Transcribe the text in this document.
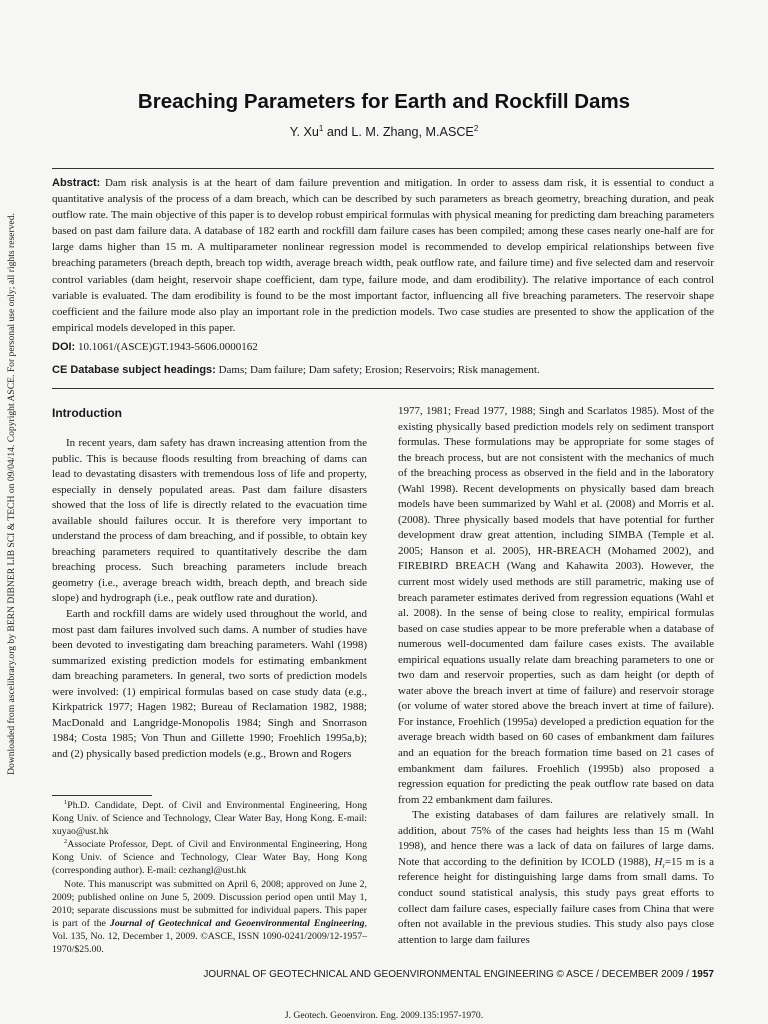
Downloaded from ascelibrary.org by BERN DIBNER LIB SCI & TECH on 09/04/14. Copyright ASCE. For personal use only; all rights reserved.
Breaching Parameters for Earth and Rockfill Dams
Y. Xu$^1$ and L. M. Zhang, M.ASCE$^2$
Abstract: Dam risk analysis is at the heart of dam failure prevention and mitigation. In order to assess dam risk, it is essential to conduct a quantitative analysis of the process of a dam breach, which can be described by such parameters as breach geometry, breaching duration, and peak outflow rate. The main objective of this paper is to develop robust empirical formulas with physical meaning for predicting dam breaching parameters based on past dam failure data. A database of 182 earth and rockfill dam failure cases has been compiled; among these cases nearly one-half are for large dams higher than 15 m. A multiparameter nonlinear regression model is recommended to develop empirical relationships between five breaching parameters (breach depth, breach top width, average breach width, peak outflow rate, and failure time) and five selected dam and reservoir control variables (dam height, reservoir shape coefficient, dam type, failure mode, and dam erodibility). The relative importance of each control variable is evaluated. The dam erodibility is found to be the most important factor, influencing all five breaching parameters. The reservoir shape coefficient and the failure mode also play an important role in the prediction models. Two case studies are presented to show the application of the empirical models developed in this paper.
DOI: 10.1061/(ASCE)GT.1943-5606.0000162
CE Database subject headings: Dams; Dam failure; Dam safety; Erosion; Reservoirs; Risk management.
Introduction

In recent years, dam safety has drawn increasing attention from the public. This is because floods resulting from breaching of dams can lead to devastating disasters with tremendous loss of life and property, especially in densely populated areas. Past dam failure disasters showed that the loss of life is directly related to the evacuation time available should failures occur. It is therefore very important to understand the process of dam breaching, and if possible, to obtain key breaching parameters required to quantitatively describe the dam breaching process. Such breaching parameters include breach geometry (i.e., average breach width, breach depth, and breach side slope) and hydrograph (i.e., peak outflow rate and duration).

Earth and rockfill dams are widely used throughout the world, and most past dam failures involved such dams. A number of studies have been devoted to investigating dam breaching parameters. Wahl (1998) summarized existing prediction models for estimating embankment dam breaching parameters. In general, two sorts of prediction models were involved: (1) empirical formulas based on case study data (e.g., Kirkpatrick 1977; Hagen 1982; Bureau of Reclamation 1982, 1988; MacDonald and Langridge-Monopolis 1984; Singh and Snorrason 1984; Costa 1985; Von Thun and Gillette 1990; Froehlich 1995a,b); and (2) physically based prediction models (e.g., Brown and Rogers

$^1$Ph.D. Candidate, Dept. of Civil and Environmental Engineering, Hong Kong Univ. of Science and Technology, Clear Water Bay, Hong Kong. E-mail: xuyao@ust.hk

$^2$Associate Professor, Dept. of Civil and Environmental Engineering, Hong Kong Univ. of Science and Technology, Clear Water Bay, Hong Kong (corresponding author). E-mail: cezhangl@ust.hk

Note. This manuscript was submitted on April 6, 2008; approved on June 2, 2009; published online on June 5, 2009. Discussion period open until May 1, 2010; separate discussions must be submitted for individual papers. This paper is part of the Journal of Geotechnical and Geoenvironmental Engineering, Vol. 135, No. 12, December 1, 2009. ©ASCE, ISSN 1090-0241/2009/12-1957–1970/$25.00.

1977, 1981; Fread 1977, 1988; Singh and Scarlatos 1985). Most of the existing physically based prediction models rely on sediment transport formulas. These formulations may be appropriate for some stages of the breach process, but are not consistent with the mechanics of much of the breaching process as observed in the field and in the laboratory (Wahl 1998). Recent developments on physically based dam breach models have been summarized by Wahl et al. (2008) and Morris et al. (2008). Three physically based models that have potential for further development draw great attention, including SIMBA (Temple et al. 2005; Hanson et al. 2005), HR-BREACH (Mohamed 2002), and FIREBIRD BREACH (Wang and Kahawita 2003). However, the current most widely used methods are still parametric, making use of breach parameter estimates derived from regression equations (Wahl et al. 2008). In the sense of being close to reality, empirical formulas based on case studies appear to be more preferable when a database of numerous well-documented dam failure cases exists. The available empirical equations usually relate dam breaching parameters to one or two dam and reservoir properties, such as dam height (or depth of water above the breach invert at time of failure) and reservoir storage (or volume of water stored above the breach invert at time of failure). For instance, Froehlich (1995a) developed a prediction equation for the average breach width based on 60 cases of embankment dam failures and an equation for the breach formation time based on 21 cases of embankment dam failures. Froehlich (1995b) also proposed a regression equation for predicting the peak outflow rate based on data from 22 embankment dam failures.

The existing databases of dam failures are relatively small. In addition, about 75% of the cases had heights less than 15 m (Wahl 1998), and hence there was a lack of data on failures of large dams. Note that according to the definition by ICOLD (1988), $H_r=15$ m is a reference height for distinguishing large dams from small dams. To conduct sound statistical analysis, this study pays great efforts to collect dam failure cases, especially failure cases from China that were often not available in the previous studies. This study also pays close attention to large dam failures

JOURNAL OF GEOTECHNICAL AND GEOENVIRONMENTAL ENGINEERING © ASCE / DECEMBER 2009 / 1957
J. Geotech. Geoenviron. Eng. 2009.135:1957-1970.
